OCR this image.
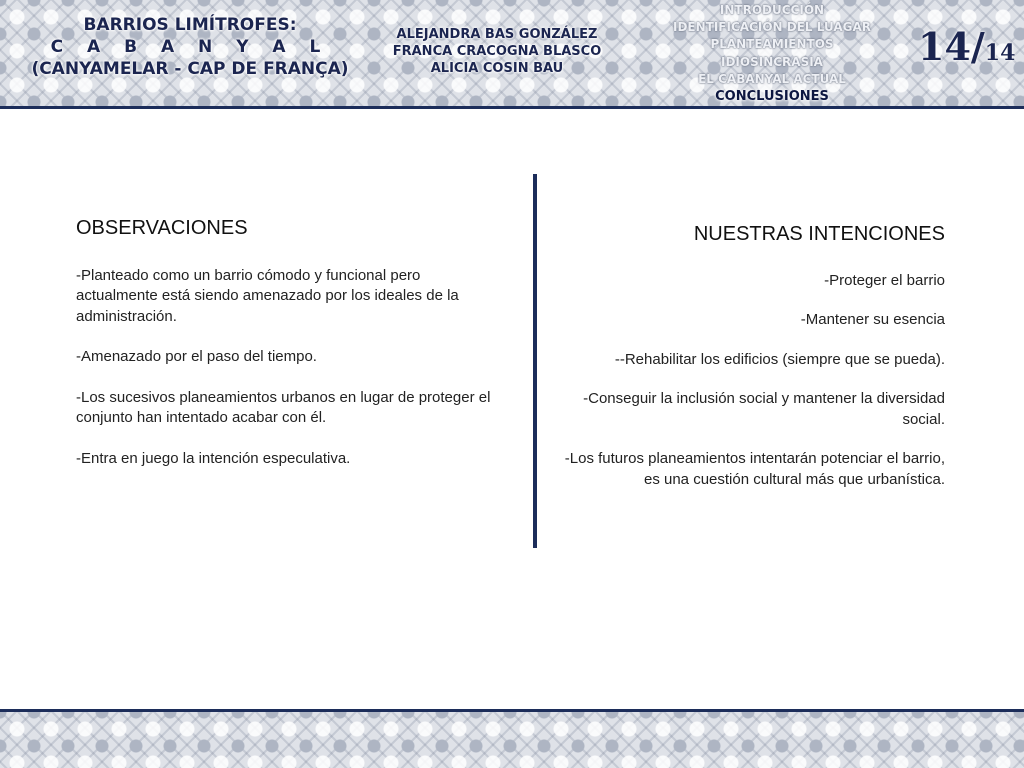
BARRIOS LIMÍTROFES:
C A B A N Y A L
(CANYAMELAR - CAP DE FRANÇA)
ALEJANDRA BAS GONZÁLEZ
FRANCA CRACOGNA BLASCO
ALICIA COSIN BAU
INTRODUCCIÓN
IDENTIFICACIÓN DEL LUAGAR
PLANTEAMIENTOS
IDIOSINCRASIA
EL CABANYAL ACTUAL
CONCLUSIONES
14/14
OBSERVACIONES

-Planteado como un barrio cómodo y funcional pero actualmente está siendo amenazado por los ideales de la administración.

-Amenazado por el paso del tiempo.

-Los sucesivos planeamientos urbanos en lugar de proteger el conjunto han intentado acabar con él.

-Entra en juego la intención especulativa.

NUESTRAS INTENCIONES

-Proteger el barrio

-Mantener su esencia

--Rehabilitar los edificios (siempre que se pueda).

-Conseguir la inclusión social y mantener la diversidad social.

-Los futuros planeamientos intentarán potenciar el barrio, es una cuestión cultural más que urbanística.
